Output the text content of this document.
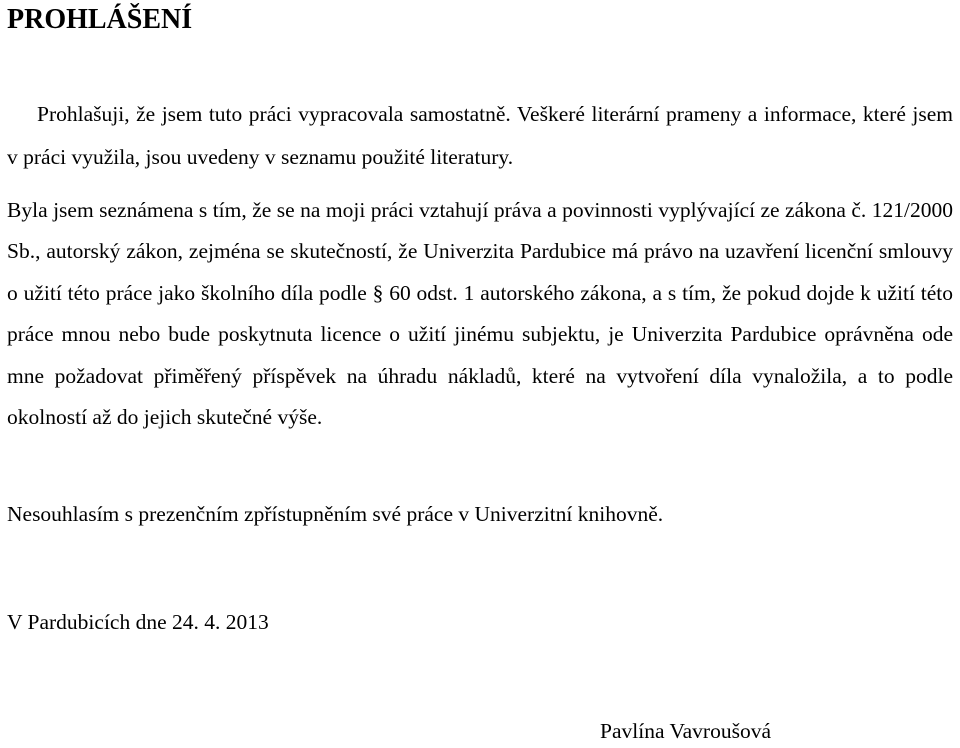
PROHLÁŠENÍ

Prohlašuji, že jsem tuto práci vypracovala samostatně. Veškeré literární prameny a informace, které jsem v práci využila, jsou uvedeny v seznamu použité literatury.

Byla jsem seznámena s tím, že se na moji práci vztahují práva a povinnosti vyplývající ze zákona č. 121/2000 Sb., autorský zákon, zejména se skutečností, že Univerzita Pardubice má právo na uzavření licenční smlouvy o užití této práce jako školního díla podle § 60 odst. 1 autorského zákona, a s tím, že pokud dojde k užití této práce mnou nebo bude poskytnuta licence o užití jinému subjektu, je Univerzita Pardubice oprávněna ode mne požadovat přiměřený příspěvek na úhradu nákladů, které na vytvoření díla vynaložila, a to podle okolností až do jejich skutečné výše.

Nesouhlasím s prezenčním zpřístupněním své práce v Univerzitní knihovně.

V Pardubicích dne 24. 4. 2013

Pavlína Vavroušová
